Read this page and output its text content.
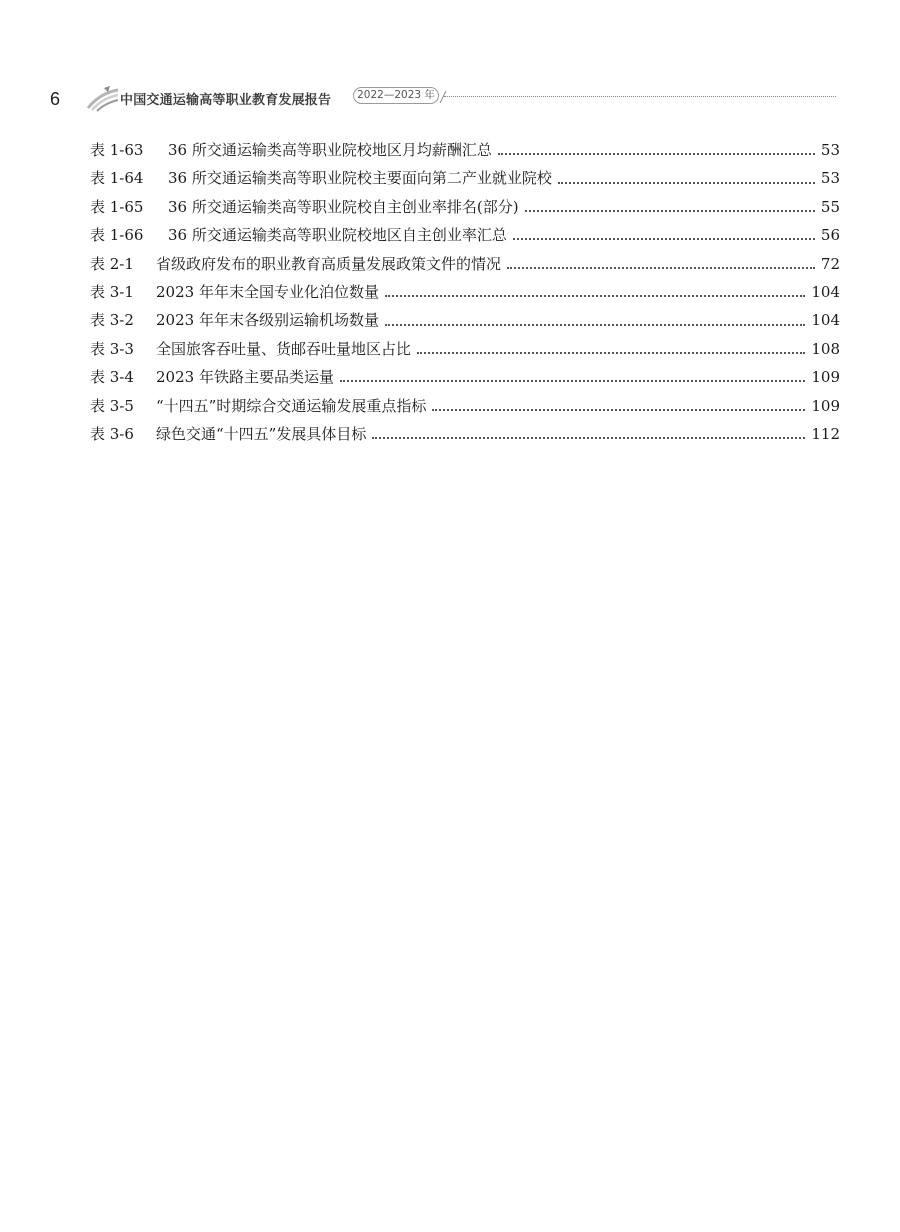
6	中国交通运输高等职业教育发展报告	2022—2023 年
表 1-63	36 所交通运输类高等职业院校地区月均薪酬汇总	53
表 1-64	36 所交通运输类高等职业院校主要面向第二产业就业院校	53
表 1-65	36 所交通运输类高等职业院校自主创业率排名(部分)	55
表 1-66	36 所交通运输类高等职业院校地区自主创业率汇总	56
表 2-1	省级政府发布的职业教育高质量发展政策文件的情况	72
表 3-1	2023 年年末全国专业化泊位数量	104
表 3-2	2023 年年末各级别运输机场数量	104
表 3-3	全国旅客吞吐量、货邮吞吐量地区占比	108
表 3-4	2023 年铁路主要品类运量	109
表 3-5	“十四五”时期综合交通运输发展重点指标	109
表 3-6	绿色交通“十四五”发展具体目标	112
